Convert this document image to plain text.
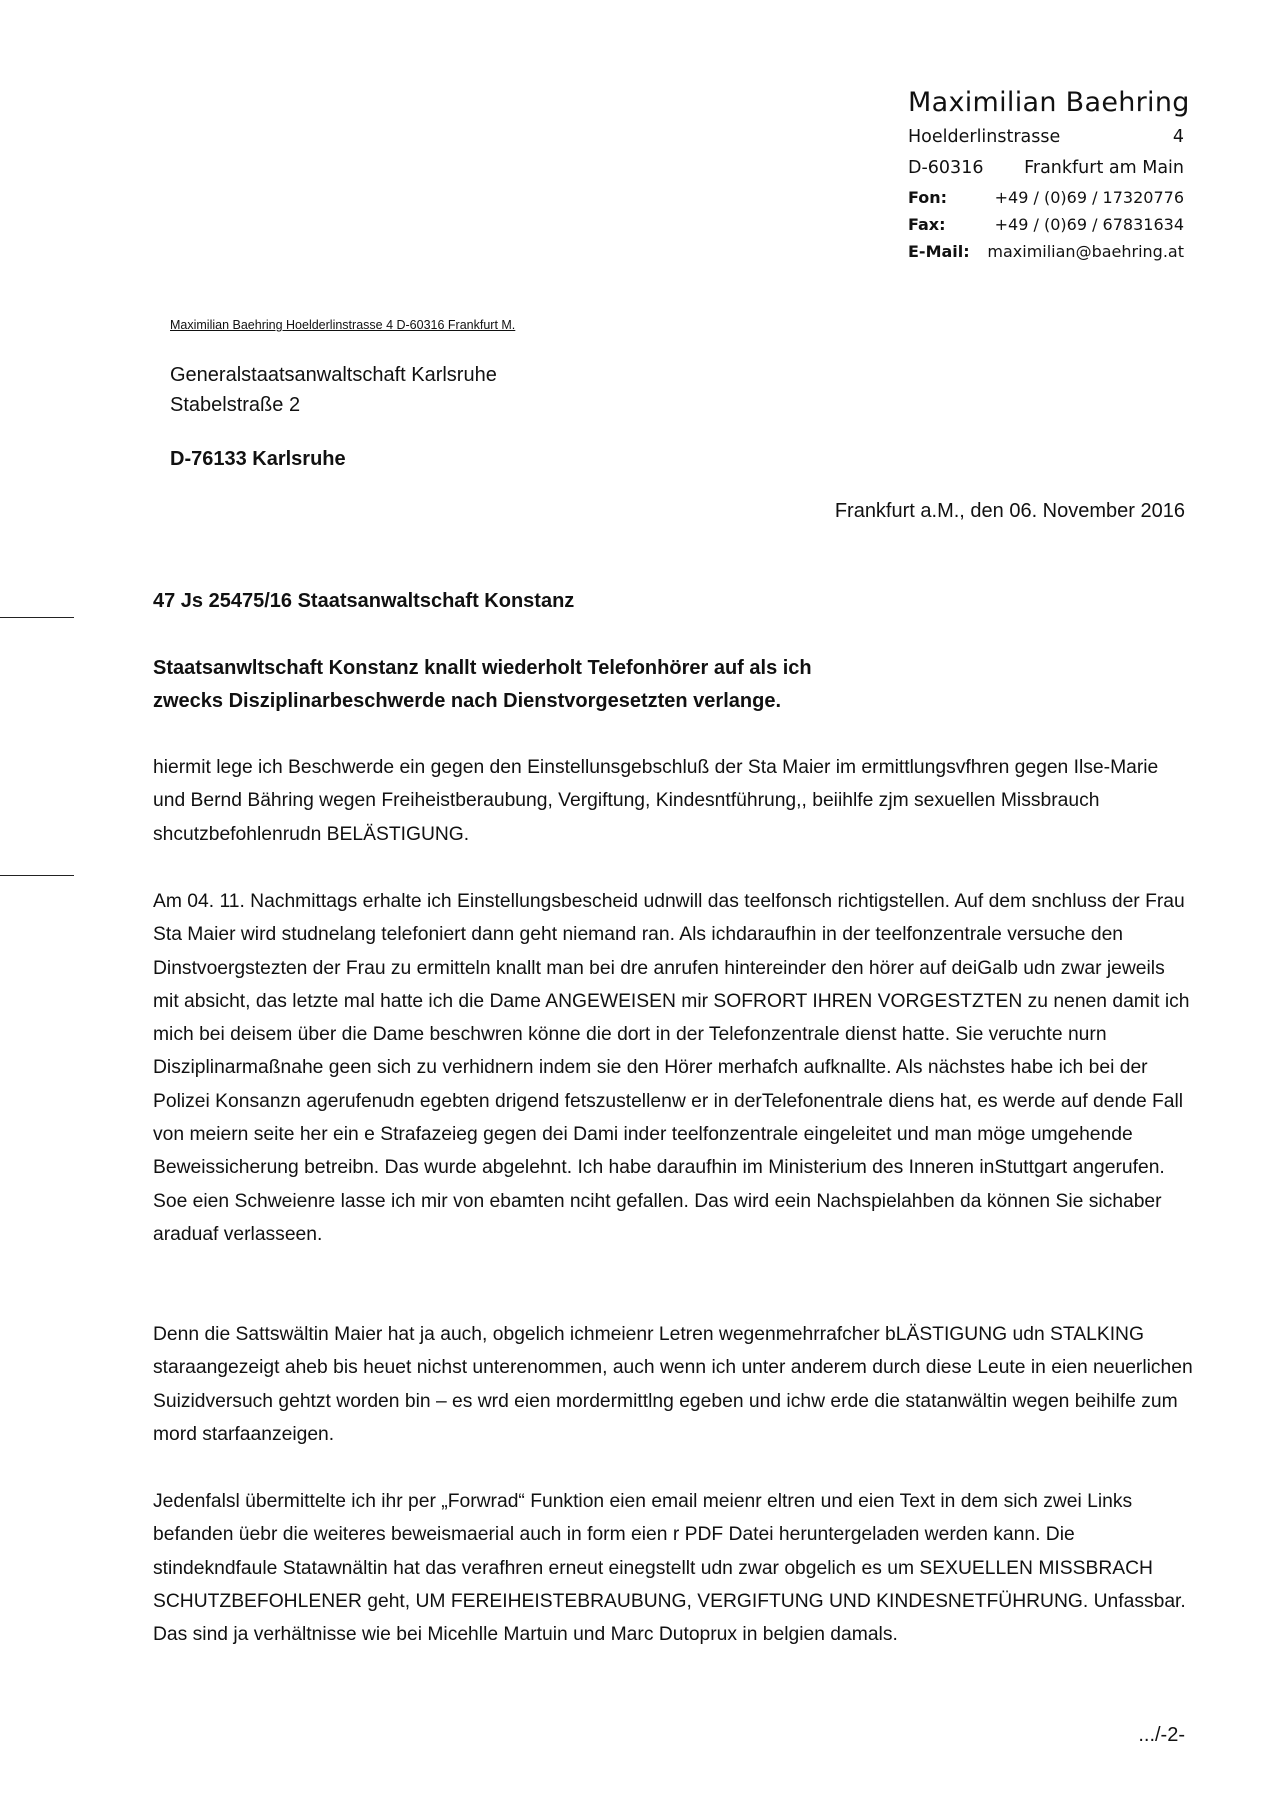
Maximilian Baehring
Hoelderlinstrasse	4
D-60316 Frankfurt am Main
Fon:	+49 / (0)69 / 17320776
Fax:	+49 / (0)69 / 67831634
E-Mail:	maximilian@baehring.at
Maximilian Baehring Hoelderlinstrasse 4 D-60316 Frankfurt M.
Generalstaatsanwaltschaft Karlsruhe
Stabelstraße 2
D-76133 Karlsruhe
Frankfurt a.M., den 06. November 2016
47 Js 25475/16 Staatsanwaltschaft Konstanz
Staatsanwltschaft Konstanz knallt wiederholt Telefonhörer auf als ich
zwecks Disziplinarbeschwerde nach Dienstvorgesetzten verlange.

hiermit lege ich Beschwerde ein gegen den Einstellunsgebschluß der Sta Maier im ermittlungsvfhren gegen Ilse-Marie und Bernd Bähring wegen Freiheistberaubung, Vergiftung, Kindesntführung,, beiihlfe zjm sexuellen Missbrauch shcutzbefohlenrudn BELÄSTIGUNG.

Am 04. 11. Nachmittags erhalte ich Einstellungsbescheid udnwill das teelfonsch richtigstellen. Auf dem snchluss der Frau Sta Maier wird studnelang telefoniert dann geht niemand ran. Als ichdaraufhin in der teelfonzentrale versuche den Dinstvoergstezten der Frau zu ermitteln knallt man bei dre anrufen hintereinder den hörer auf deiGalb udn zwar jeweils mit absicht, das letzte mal hatte ich die Dame ANGEWEISEN mir SOFRORT IHREN VORGESTZTEN zu nenen damit ich mich bei deisem über die Dame beschwren könne die dort in der Telefonzentrale dienst hatte. Sie veruchte nurn Disziplinarmaßnahe geen sich zu verhidnern indem sie den Hörer merhafch aufknallte. Als nächstes habe ich bei der Polizei Konsanzn agerufenudn egebten drigend fetszustellenw er in derTelefonentrale diens hat, es werde auf dende Fall von meiern seite her ein e Strafazeieg gegen dei Dami inder teelfonzentrale eingeleitet und man möge umgehende Beweissicherung betreibn. Das wurde abgelehnt. Ich habe daraufhin im Ministerium des Inneren inStuttgart angerufen. Soe eien Schweienre lasse ich mir von ebamten nciht gefallen. Das wird eein Nachspielahben da können Sie sichaber araduaf verlasseen.

Denn die Sattswältin Maier hat ja auch, obgelich ichmeienr Letren wegenmehrrafcher bLÄSTIGUNG udn STALKING staraangezeigt aheb bis heuet nichst unterenommen, auch wenn ich unter anderem durch diese Leute in eien neuerlichen Suizidversuch gehtzt worden bin – es wrd eien mordermittlng egeben und ichw erde die statanwältin wegen beihilfe zum mord starfaanzeigen.

Jedenfalsl übermittelte ich ihr per „Forwrad“ Funktion eien email meienr eltren und eien Text in dem sich zwei Links befanden üebr die weiteres beweismaerial auch in form eien r PDF Datei heruntergeladen werden kann. Die stindekndfaule Statawnältin hat das verafhren erneut einegstellt udn zwar obgelich es um SEXUELLEN MISSBRACH SCHUTZBEFOHLENER geht, UM FEREIHEISTEBRAUBUNG, VERGIFTUNG UND KINDESNETFÜHRUNG. Unfassbar. Das sind ja verhältnisse wie bei Micehlle Martuin und Marc Dutoprux in belgien damals.

.../-2-
